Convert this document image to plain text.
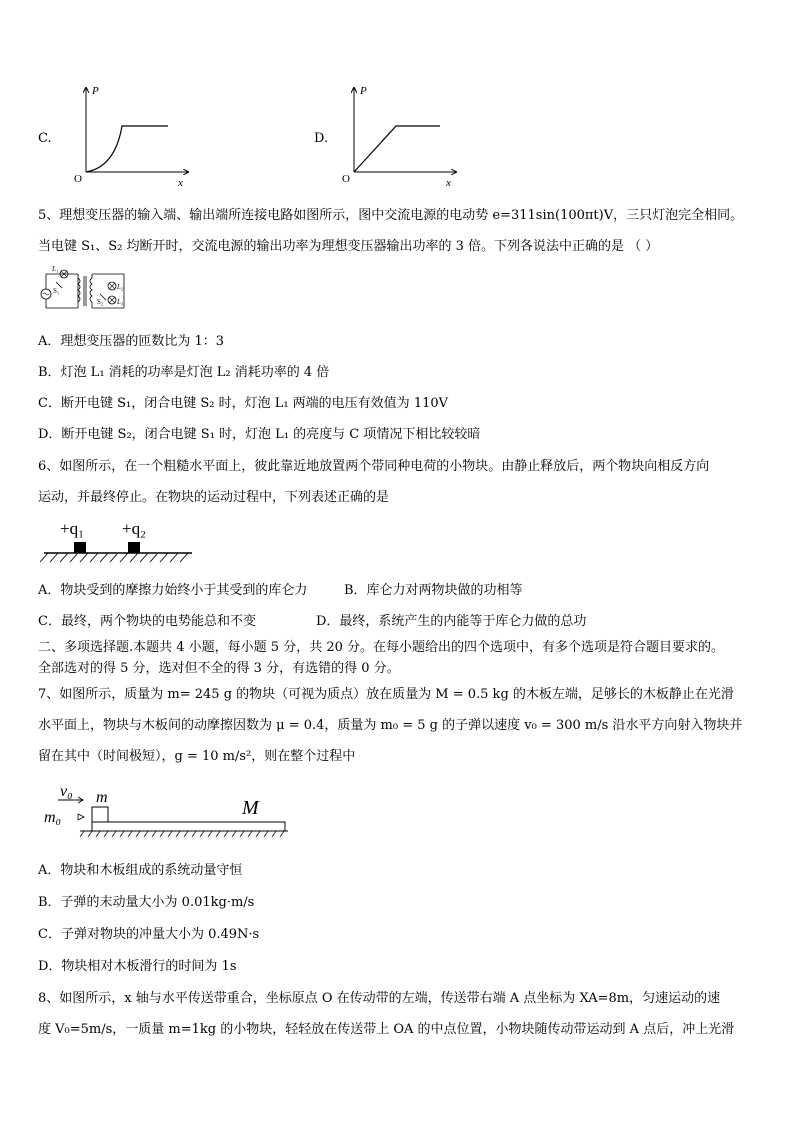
C.
P
x
O
D.
P
x
O
5、理想变压器的输入端、输出端所连接电路如图所示，图中交流电源的电动势 e=311sin(100πt)V，三只灯泡完全相同。
当电键 S₁、S₂ 均断开时，交流电源的输出功率为理想变压器输出功率的 3 倍。下列各说法中正确的是 （ ）
L₁
S₁	L₂
L₃
S₂
A．理想变压器的匝数比为 1：3
B．灯泡 L₁ 消耗的功率是灯泡 L₂ 消耗功率的 4 倍
C．断开电键 S₁，闭合电键 S₂ 时，灯泡 L₁ 两端的电压有效值为 110V
D．断开电键 S₂，闭合电键 S₁ 时，灯泡 L₁ 的亮度与 C 项情况下相比较较暗
6、如图所示，在一个粗糙水平面上，彼此靠近地放置两个带同种电荷的小物块。由静止释放后，两个物块向相反方向
运动，并最终停止。在物块的运动过程中，下列表述正确的是
+q₁ +q₂
A．物块受到的摩擦力始终小于其受到的库仑力	B．库仑力对两物块做的功相等
C．最终，两个物块的电势能总和不变	D．最终，系统产生的内能等于库仑力做的总功
二、多项选择题.本题共 4 小题，每小题 5 分，共 20 分。在每小题给出的四个选项中，有多个选项是符合题目要求的。
全部选对的得 5 分，选对但不全的得 3 分，有选错的得 0 分。
7、如图所示，质量为 m= 245 g 的物块（可视为质点）放在质量为 M = 0.5 kg 的木板左端，足够长的木板静止在光滑
水平面上，物块与木板间的动摩擦因数为 μ = 0.4，质量为 m₀ = 5 g 的子弹以速度 v₀ = 300 m/s 沿水平方向射入物块并
留在其中（时间极短），g = 10 m/s²，则在整个过程中
v₀ m
m₀	M
A．物块和木板组成的系统动量守恒
B．子弹的末动量大小为 0.01kg·m/s
C．子弹对物块的冲量大小为 0.49N·s
D．物块相对木板滑行的时间为 1s
8、如图所示，x 轴与水平传送带重合，坐标原点 O 在传动带的左端，传送带右端 A 点坐标为 XA=8m，匀速运动的速
度 V₀=5m/s，一质量 m=1kg 的小物块，轻轻放在传送带上 OA 的中点位置，小物块随传动带运动到 A 点后，冲上光滑
